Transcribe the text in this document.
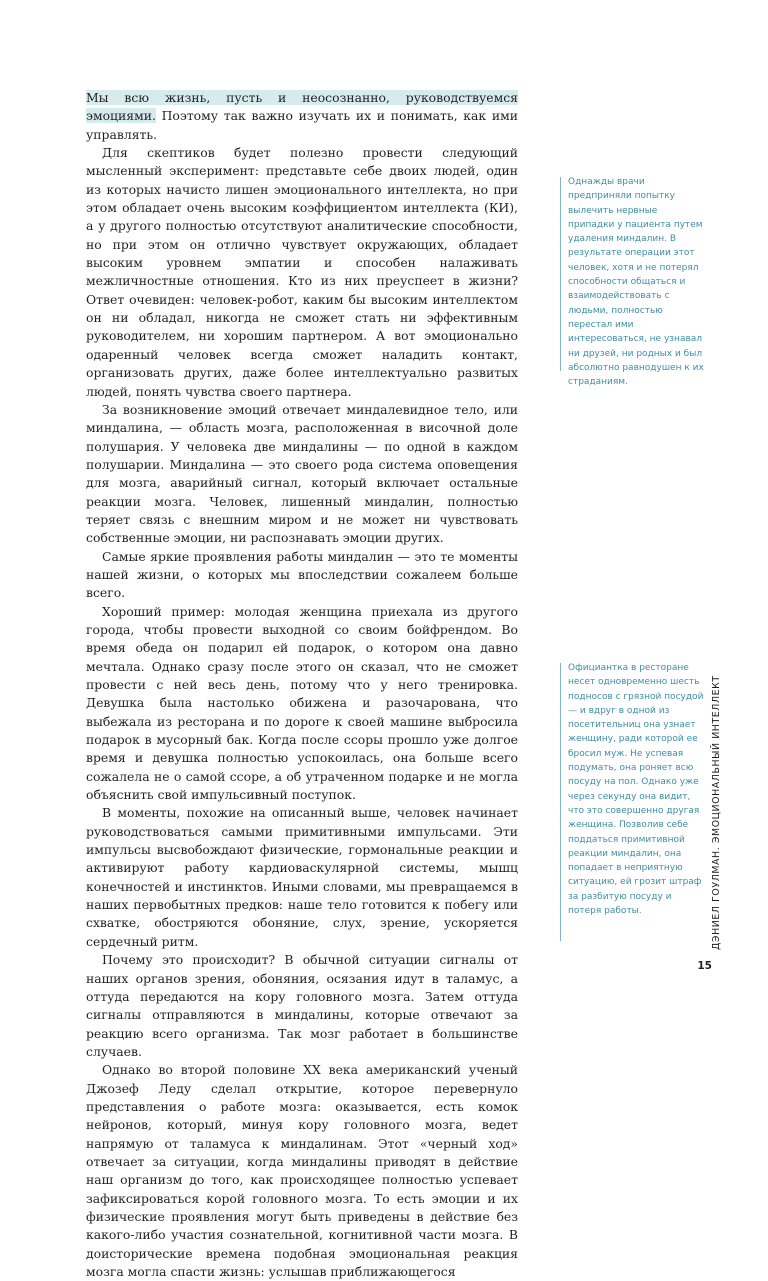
Мы всю жизнь, пусть и неосознанно, руководствуемся эмоциями. Поэтому так важно изучать их и понимать, как ими управлять.

Для скептиков будет полезно провести следующий мысленный эксперимент: представьте себе двоих людей, один из которых начисто лишен эмоционального интеллекта, но при этом обладает очень высоким коэффициентом интеллекта (КИ), а у другого полностью отсутствуют аналитические способности, но при этом он отлично чувствует окружающих, обладает высоким уровнем эмпатии и способен налаживать межличностные отношения. Кто из них преуспеет в жизни? Ответ очевиден: человек-робот, каким бы высоким интеллектом он ни обладал, никогда не сможет стать ни эффективным руководителем, ни хорошим партнером. А вот эмоционально одаренный человек всегда сможет наладить контакт, организовать других, даже более интеллектуально развитых людей, понять чувства своего партнера.

За возникновение эмоций отвечает миндалевидное тело, или миндалина, — область мозга, расположенная в височной доле полушария. У человека две миндалины — по одной в каждом полушарии. Миндалина — это своего рода система оповещения для мозга, аварийный сигнал, который включает остальные реакции мозга. Человек, лишенный миндалин, полностью теряет связь с внешним миром и не может ни чувствовать собственные эмоции, ни распознавать эмоции других.

Самые яркие проявления работы миндалин — это те моменты нашей жизни, о которых мы впоследствии сожалеем больше всего.

Хороший пример: молодая женщина приехала из другого города, чтобы провести выходной со своим бойфрендом. Во время обеда он подарил ей подарок, о котором она давно мечтала. Однако сразу после этого он сказал, что не сможет провести с ней весь день, потому что у него тренировка. Девушка была настолько обижена и разочарована, что выбежала из ресторана и по дороге к своей машине выбросила подарок в мусорный бак. Когда после ссоры прошло уже долгое время и девушка полностью успокоилась, она больше всего сожалела не о самой ссоре, а об утраченном подарке и не могла объяснить свой импульсивный поступок.

В моменты, похожие на описанный выше, человек начинает руководствоваться самыми примитивными импульсами. Эти импульсы высвобождают физические, гормональные реакции и активируют работу кардиоваскулярной системы, мышц конечностей и инстинктов. Иными словами, мы превращаемся в наших первобытных предков: наше тело готовится к побегу или схватке, обостряются обоняние, слух, зрение, ускоряется сердечный ритм.

Почему это происходит? В обычной ситуации сигналы от наших органов зрения, обоняния, осязания идут в таламус, а оттуда передаются на кору головного мозга. Затем оттуда сигналы отправляются в миндалины, которые отвечают за реакцию всего организма. Так мозг работает в большинстве случаев.

Однако во второй половине XX века американский ученый Джозеф Леду сделал открытие, которое перевернуло представления о работе мозга: оказывается, есть комок нейронов, который, минуя кору головного мозга, ведет напрямую от таламуса к миндалинам. Этот «черный ход» отвечает за ситуации, когда миндалины приводят в действие наш организм до того, как происходящее полностью успевает зафиксироваться корой головного мозга. То есть эмоции и их физические проявления могут быть приведены в действие без какого-либо участия сознательной, когнитивной части мозга. В доисторические времена подобная эмоциональная реакция мозга могла спасти жизнь: услышав приближающегося

Однажды врачи предприняли попытку вылечить нервные припадки у пациента путем удаления миндалин. В результате операции этот человек, хотя и не потерял способности общаться и взаимодействовать с людьми, полностью перестал ими интересоваться, не узнавал ни друзей, ни родных и был абсолютно равнодушен к их страданиям.
Официантка в ресторане несет одновременно шесть подносов с грязной посудой — и вдруг в одной из посетительниц она узнает женщину, ради которой ее бросил муж. Не успевая подумать, она роняет всю посуду на пол. Однако уже через секунду она видит, что это совершенно другая женщина. Позволив себе поддаться примитивной реакции миндалин, она попадает в неприятную ситуацию, ей грозит штраф за разбитую посуду и потеря работы.	ДЭНИЕЛ ГОУЛМАН. ЭМОЦИОНАЛЬНЫЙ ИНТЕЛЛЕКТ
15
